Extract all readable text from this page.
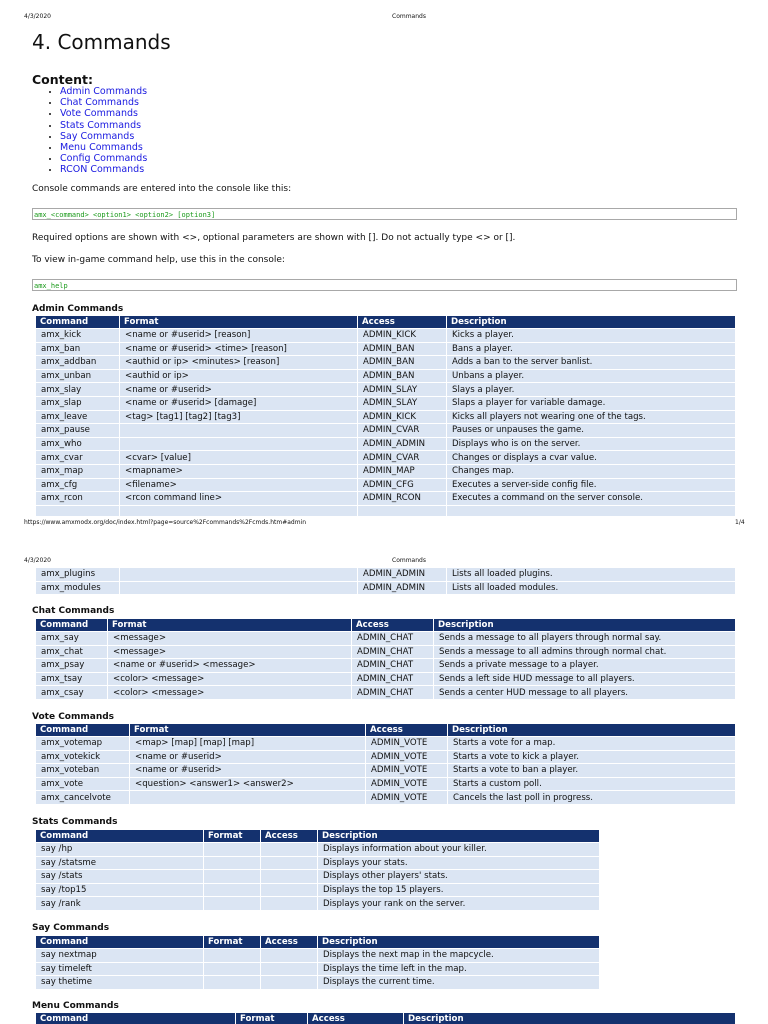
4/3/2020	Commands
4. Commands
Content:
• Admin Commands
• Chat Commands
• Vote Commands
• Stats Commands
• Say Commands
• Menu Commands
• Config Commands
• RCON Commands
Console commands are entered into the console like this:
amx_<command> <option1> <option2> [option3]
Required options are shown with <>, optional parameters are shown with []. Do not actually type <> or [].
To view in-game command help, use this in the console:
amx_help
Admin Commands
Command	Format	Access	Description
amx_kick	<name or #userid> [reason]	ADMIN_KICK	Kicks a player.
amx_ban	<name or #userid> <time> [reason]	ADMIN_BAN	Bans a player.
amx_addban	<authid or ip> <minutes> [reason]	ADMIN_BAN	Adds a ban to the server banlist.
amx_unban	<authid or ip>	ADMIN_BAN	Unbans a player.
amx_slay	<name or #userid>	ADMIN_SLAY	Slays a player.
amx_slap	<name or #userid> [damage]	ADMIN_SLAY	Slaps a player for variable damage.
amx_leave	<tag> [tag1] [tag2] [tag3]	ADMIN_KICK	Kicks all players not wearing one of the tags.
amx_pause		ADMIN_CVAR	Pauses or unpauses the game.
amx_who		ADMIN_ADMIN	Displays who is on the server.
amx_cvar	<cvar> [value]	ADMIN_CVAR	Changes or displays a cvar value.
amx_map	<mapname>	ADMIN_MAP	Changes map.
amx_cfg	<filename>	ADMIN_CFG	Executes a server-side config file.
amx_rcon	<rcon command line>	ADMIN_RCON	Executes a command on the server console.

https://www.amxmodx.org/doc/index.html?page=source%2Fcommands%2Fcmds.htm#admin	1/4
4/3/2020	Commands
amx_plugins		ADMIN_ADMIN	Lists all loaded plugins.
amx_modules		ADMIN_ADMIN	Lists all loaded modules.
Chat Commands
Command	Format	Access	Description
amx_say	<message>	ADMIN_CHAT	Sends a message to all players through normal say.
amx_chat	<message>	ADMIN_CHAT	Sends a message to all admins through normal chat.
amx_psay	<name or #userid> <message>	ADMIN_CHAT	Sends a private message to a player.
amx_tsay	<color> <message>	ADMIN_CHAT	Sends a left side HUD message to all players.
amx_csay	<color> <message>	ADMIN_CHAT	Sends a center HUD message to all players.
Vote Commands
Command	Format	Access	Description
amx_votemap	<map> [map] [map] [map]	ADMIN_VOTE	Starts a vote for a map.
amx_votekick	<name or #userid>	ADMIN_VOTE	Starts a vote to kick a player.
amx_voteban	<name or #userid>	ADMIN_VOTE	Starts a vote to ban a player.
amx_vote	<question> <answer1> <answer2>	ADMIN_VOTE	Starts a custom poll.
amx_cancelvote		ADMIN_VOTE	Cancels the last poll in progress.
Stats Commands
Command	Format	Access	Description
say /hp			Displays information about your killer.
say /statsme			Displays your stats.
say /stats			Displays other players' stats.
say /top15			Displays the top 15 players.
say /rank			Displays your rank on the server.
Say Commands
Command	Format	Access	Description
say nextmap			Displays the next map in the mapcycle.
say timeleft			Displays the time left in the map.
say thetime			Displays the current time.
Menu Commands
Command	Format	Access	Description
